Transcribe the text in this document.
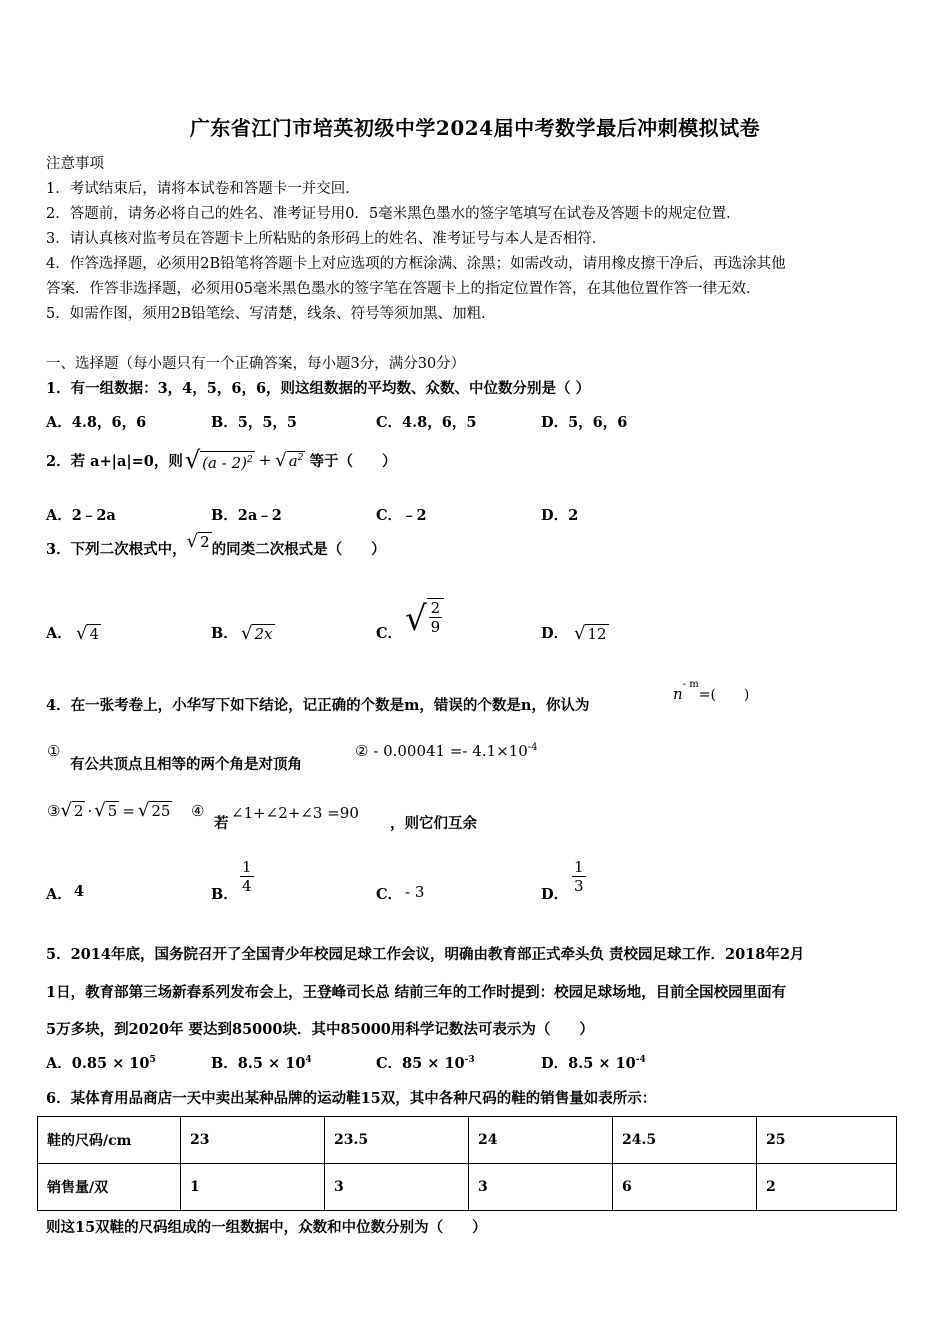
广东省江门市培英初级中学2024届中考数学最后冲刺模拟试卷
注意事项
1．考试结束后，请将本试卷和答题卡一并交回．
2．答题前，请务必将自己的姓名、准考证号用0．5毫米黑色墨水的签字笔填写在试卷及答题卡的规定位置．
3．请认真核对监考员在答题卡上所粘贴的条形码上的姓名、准考证号与本人是否相符．
4．作答选择题，必须用2B铅笔将答题卡上对应选项的方框涂满、涂黑；如需改动，请用橡皮擦干净后，再选涂其他
答案．作答非选择题，必须用05毫米黑色墨水的签字笔在答题卡上的指定位置作答，在其他位置作答一律无效．
5．如需作图，须用2B铅笔绘、写清楚，线条、符号等须加黑、加粗．
一、选择题（每小题只有一个正确答案，每小题3分，满分30分）
1．有一组数据：3，4，5，6，6，则这组数据的平均数、众数、中位数分别是（ ）
A．4.8，6，6	B．5，5，5	C．4.8，6，5	D．5，6，6
2．若 a+|a|=0，则 √ (a - 2)$^2$ + √ $a^2$ 等于（　　）
A．2﹣2a	B．2a﹣2	C．﹣2	D．2
3．下列二次根式中， √ 2 的同类二次根式是（　　）
A． √ 4	B． √ 2x	C． √ $\frac{2}{9}$	D． √ 12
4．在一张考卷上，小华写下如下结论，记正确的个数是m，错误的个数是n，你认为
$n^{- m}=$(　　)
①
有公共顶点且相等的两个角是对顶角
② - $0.00041 =- 4.1\times 10^{-4}$
③ √ 2 · √ 5 = √ 25 ④
若
∠1+∠2+∠3 =90
，则它们互余
A． 4	B． $\frac{1}{4}$	C． - 3	D． $\frac{1}{3}$
5．2014年底，国务院召开了全国青少年校园足球工作会议，明确由教育部正式牵头负 责校园足球工作．2018年2月
1日，教育部第三场新春系列发布会上，王登峰司长总 结前三年的工作时提到：校园足球场地，目前全国校园里面有
5万多块，到2020年 要达到85000块．其中85000用科学记数法可表示为（　　）
A．$0.85 \times 10^5$	B．$8.5 \times 10^4$	C．$85 \times 10^{-3}$	D．$8.5 \times 10^{-4}$
6．某体育用品商店一天中卖出某种品牌的运动鞋15双，其中各种尺码的鞋的销售量如表所示：
鞋的尺码/cm	23	23.5	24	24.5	25
销售量/双	1	3	3	6	2
则这15双鞋的尺码组成的一组数据中，众数和中位数分别为（　　）
